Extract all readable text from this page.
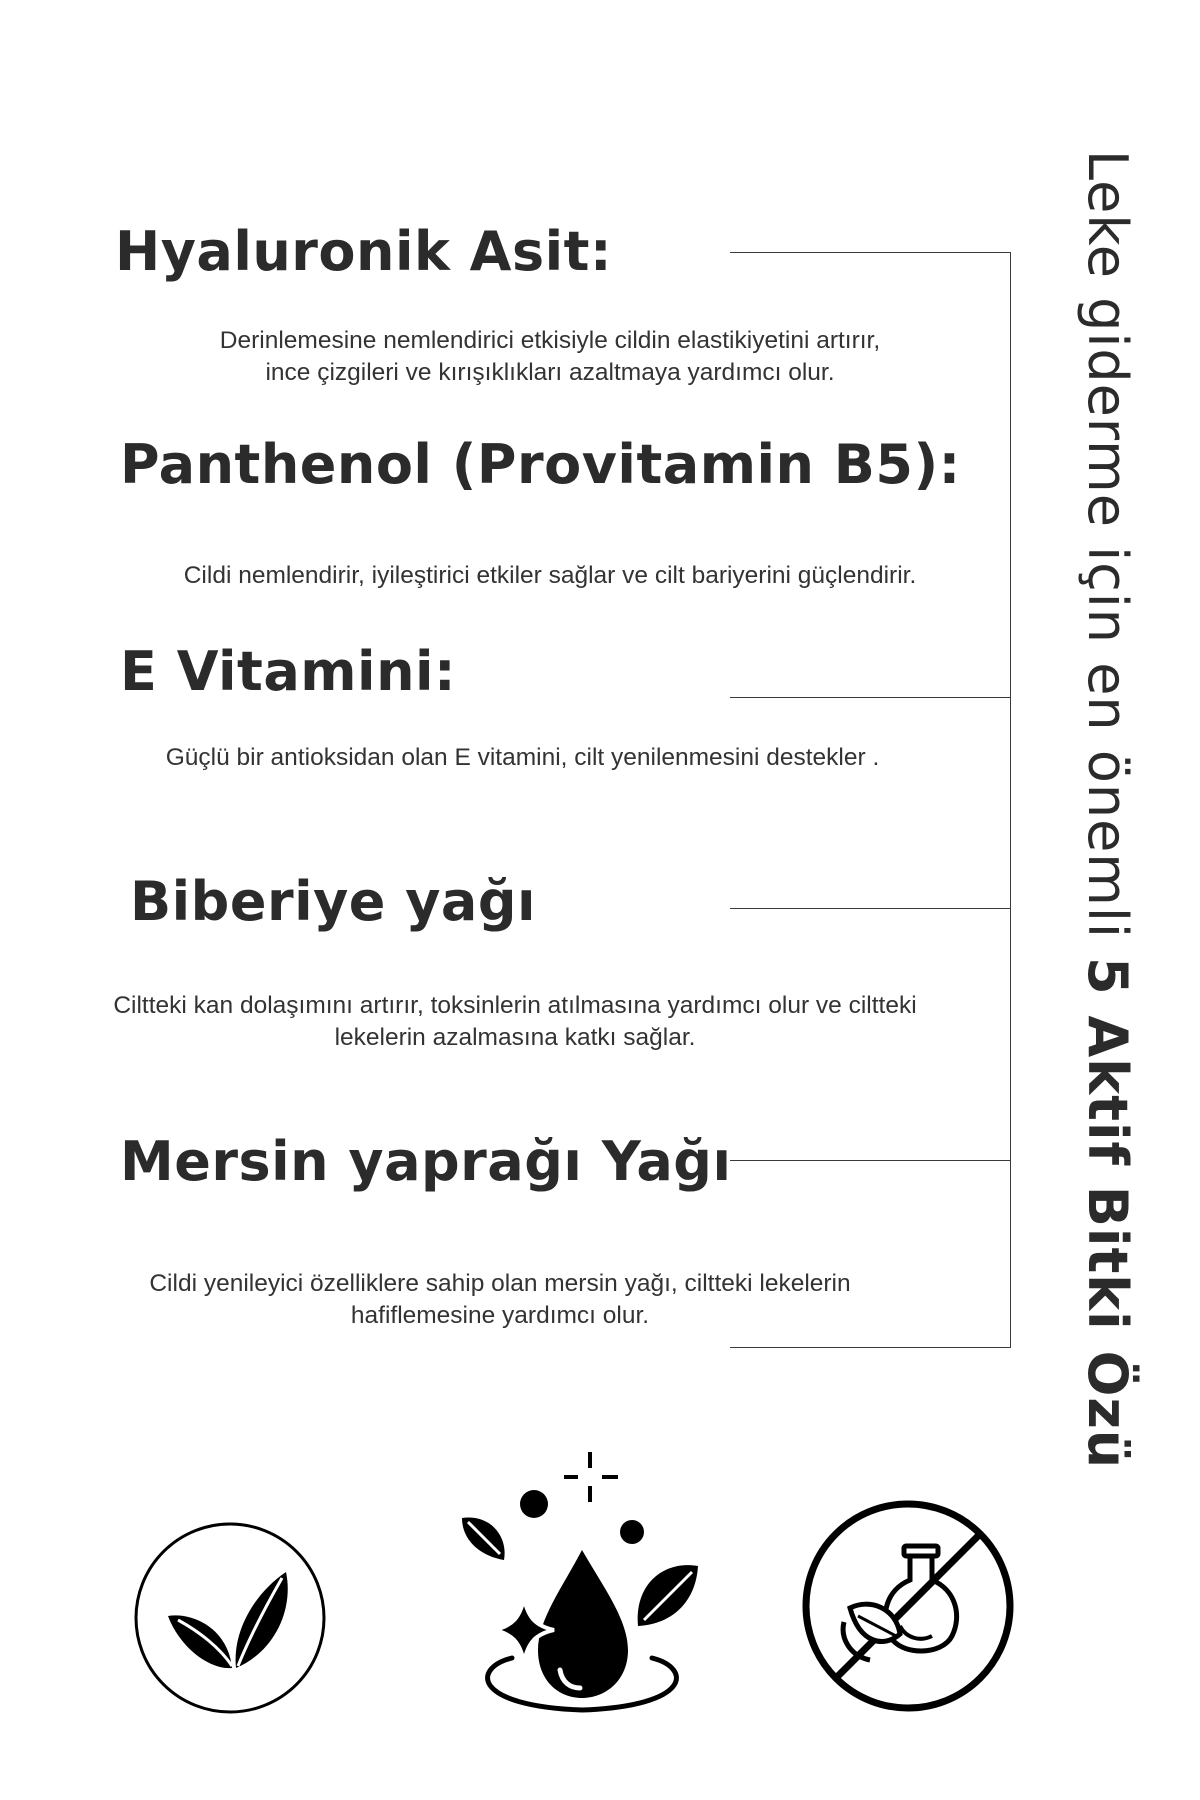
Leke giderme için en önemli 5 Aktif Bitki Özü
Hyaluronik Asit:
Derinlemesine nemlendirici etkisiyle cildin elastikiyetini artırır,
ince çizgileri ve kırışıklıkları azaltmaya yardımcı olur.
Panthenol (Provitamin B5):
Cildi nemlendirir, iyileştirici etkiler sağlar ve cilt bariyerini güçlendirir.
E Vitamini:
Güçlü bir antioksidan olan E vitamini, cilt yenilenmesini destekler .
Biberiye yağı
Ciltteki kan dolaşımını artırır, toksinlerin atılmasına yardımcı olur ve ciltteki
lekelerin azalmasına katkı sağlar.
Mersin yaprağı Yağı
Cildi yenileyici özelliklere sahip olan mersin yağı, ciltteki lekelerin
hafiflemesine yardımcı olur.
